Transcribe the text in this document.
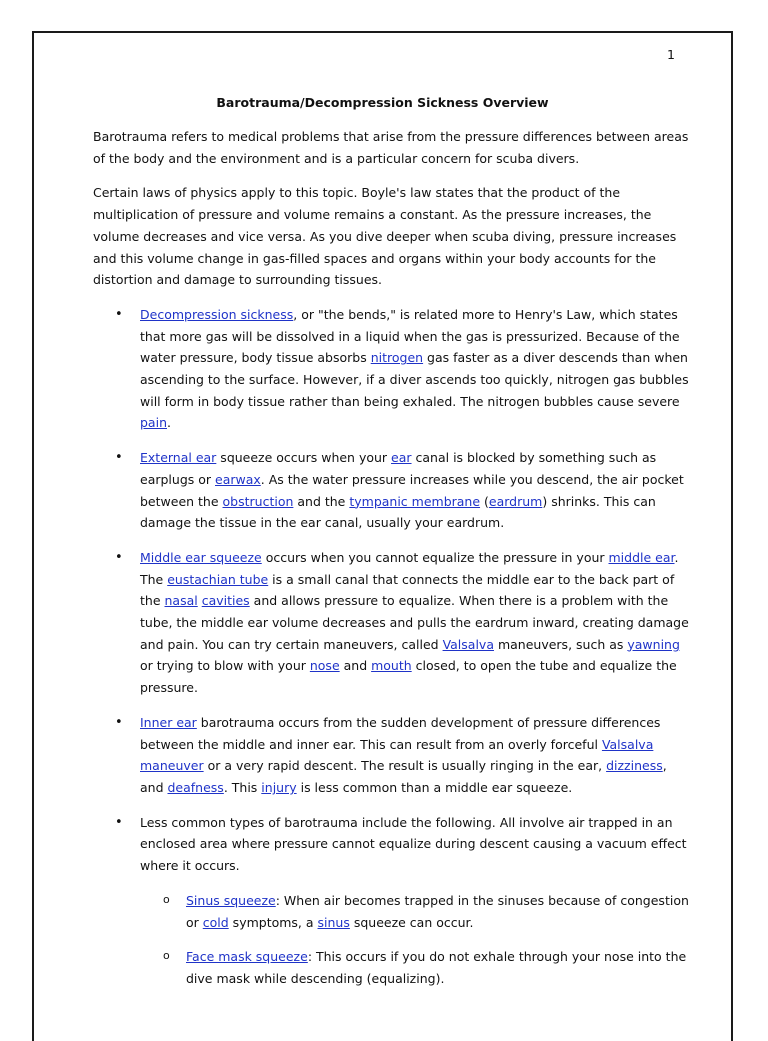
1
Barotrauma/Decompression Sickness Overview

Barotrauma refers to medical problems that arise from the pressure differences between areas of the body and the environment and is a particular concern for scuba divers.

Certain laws of physics apply to this topic. Boyle's law states that the product of the multiplication of pressure and volume remains a constant. As the pressure increases, the volume decreases and vice versa. As you dive deeper when scuba diving, pressure increases and this volume change in gas-filled spaces and organs within your body accounts for the distortion and damage to surrounding tissues.

• Decompression sickness, or "the bends," is related more to Henry's Law, which states that more gas will be dissolved in a liquid when the gas is pressurized. Because of the water pressure, body tissue absorbs nitrogen gas faster as a diver descends than when ascending to the surface. However, if a diver ascends too quickly, nitrogen gas bubbles will form in body tissue rather than being exhaled. The nitrogen bubbles cause severe pain.
• External ear squeeze occurs when your ear canal is blocked by something such as earplugs or earwax. As the water pressure increases while you descend, the air pocket between the obstruction and the tympanic membrane (eardrum) shrinks. This can damage the tissue in the ear canal, usually your eardrum.
• Middle ear squeeze occurs when you cannot equalize the pressure in your middle ear. The eustachian tube is a small canal that connects the middle ear to the back part of the nasal cavities and allows pressure to equalize. When there is a problem with the tube, the middle ear volume decreases and pulls the eardrum inward, creating damage and pain. You can try certain maneuvers, called Valsalva maneuvers, such as yawning or trying to blow with your nose and mouth closed, to open the tube and equalize the pressure.
• Inner ear barotrauma occurs from the sudden development of pressure differences between the middle and inner ear. This can result from an overly forceful Valsalva maneuver or a very rapid descent. The result is usually ringing in the ear, dizziness, and deafness. This injury is less common than a middle ear squeeze.
• Less common types of barotrauma include the following. All involve air trapped in an enclosed area where pressure cannot equalize during descent causing a vacuum effect where it occurs.
o Sinus squeeze: When air becomes trapped in the sinuses because of congestion or cold symptoms, a sinus squeeze can occur.
o Face mask squeeze: This occurs if you do not exhale through your nose into the dive mask while descending (equalizing).
